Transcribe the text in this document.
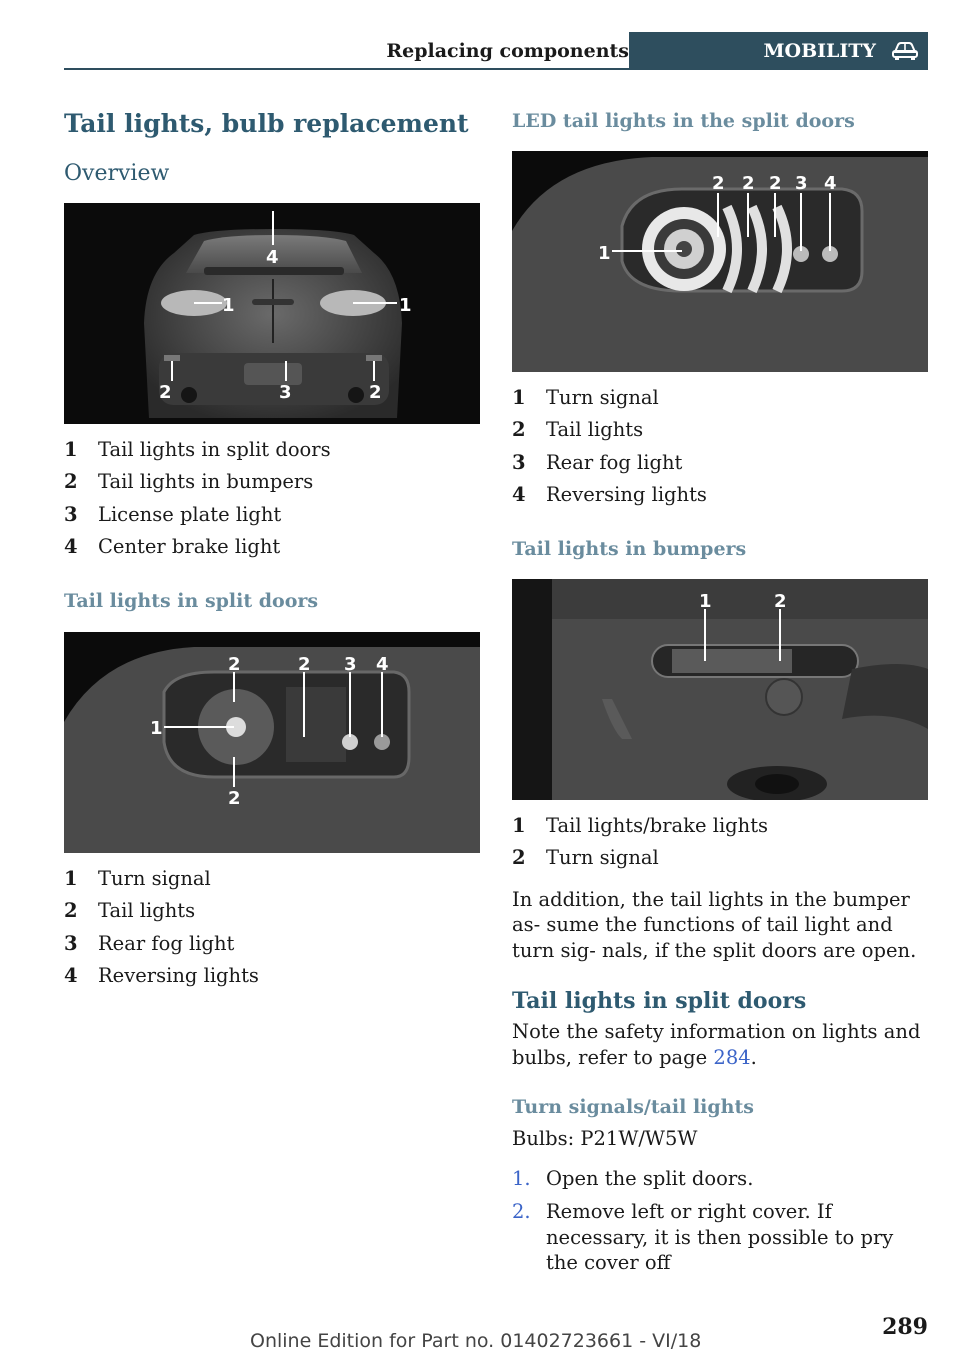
Replacing components	MOBILITY
Tail lights, bulb replacement
Overview
1	1
2	2
3
4
1 Tail lights in split doors
2 Tail lights in bumpers
3 License plate light
4 Center brake light
Tail lights in split doors
1
2
2
2 3 4
1 Turn signal
2 Tail lights
3 Rear fog light
4 Reversing lights
LED tail lights in the split doors
1
2 2 2 3 4
1 Turn signal
2 Tail lights
3 Rear fog light
4 Reversing lights
Tail lights in bumpers
1	2
1 Tail lights/brake lights
2 Turn signal

In addition, the tail lights in the bumper as‐ sume the functions of tail light and turn sig‐ nals, if the split doors are open.

Tail lights in split doors

Note the safety information on lights and bulbs, refer to page 284.

Turn signals/tail lights

Bulbs: P21W/W5W

1. Open the split doors.
2. Remove left or right cover. If necessary, it is then possible to pry the cover off
289
Online Edition for Part no. 01402723661 - VI/18
